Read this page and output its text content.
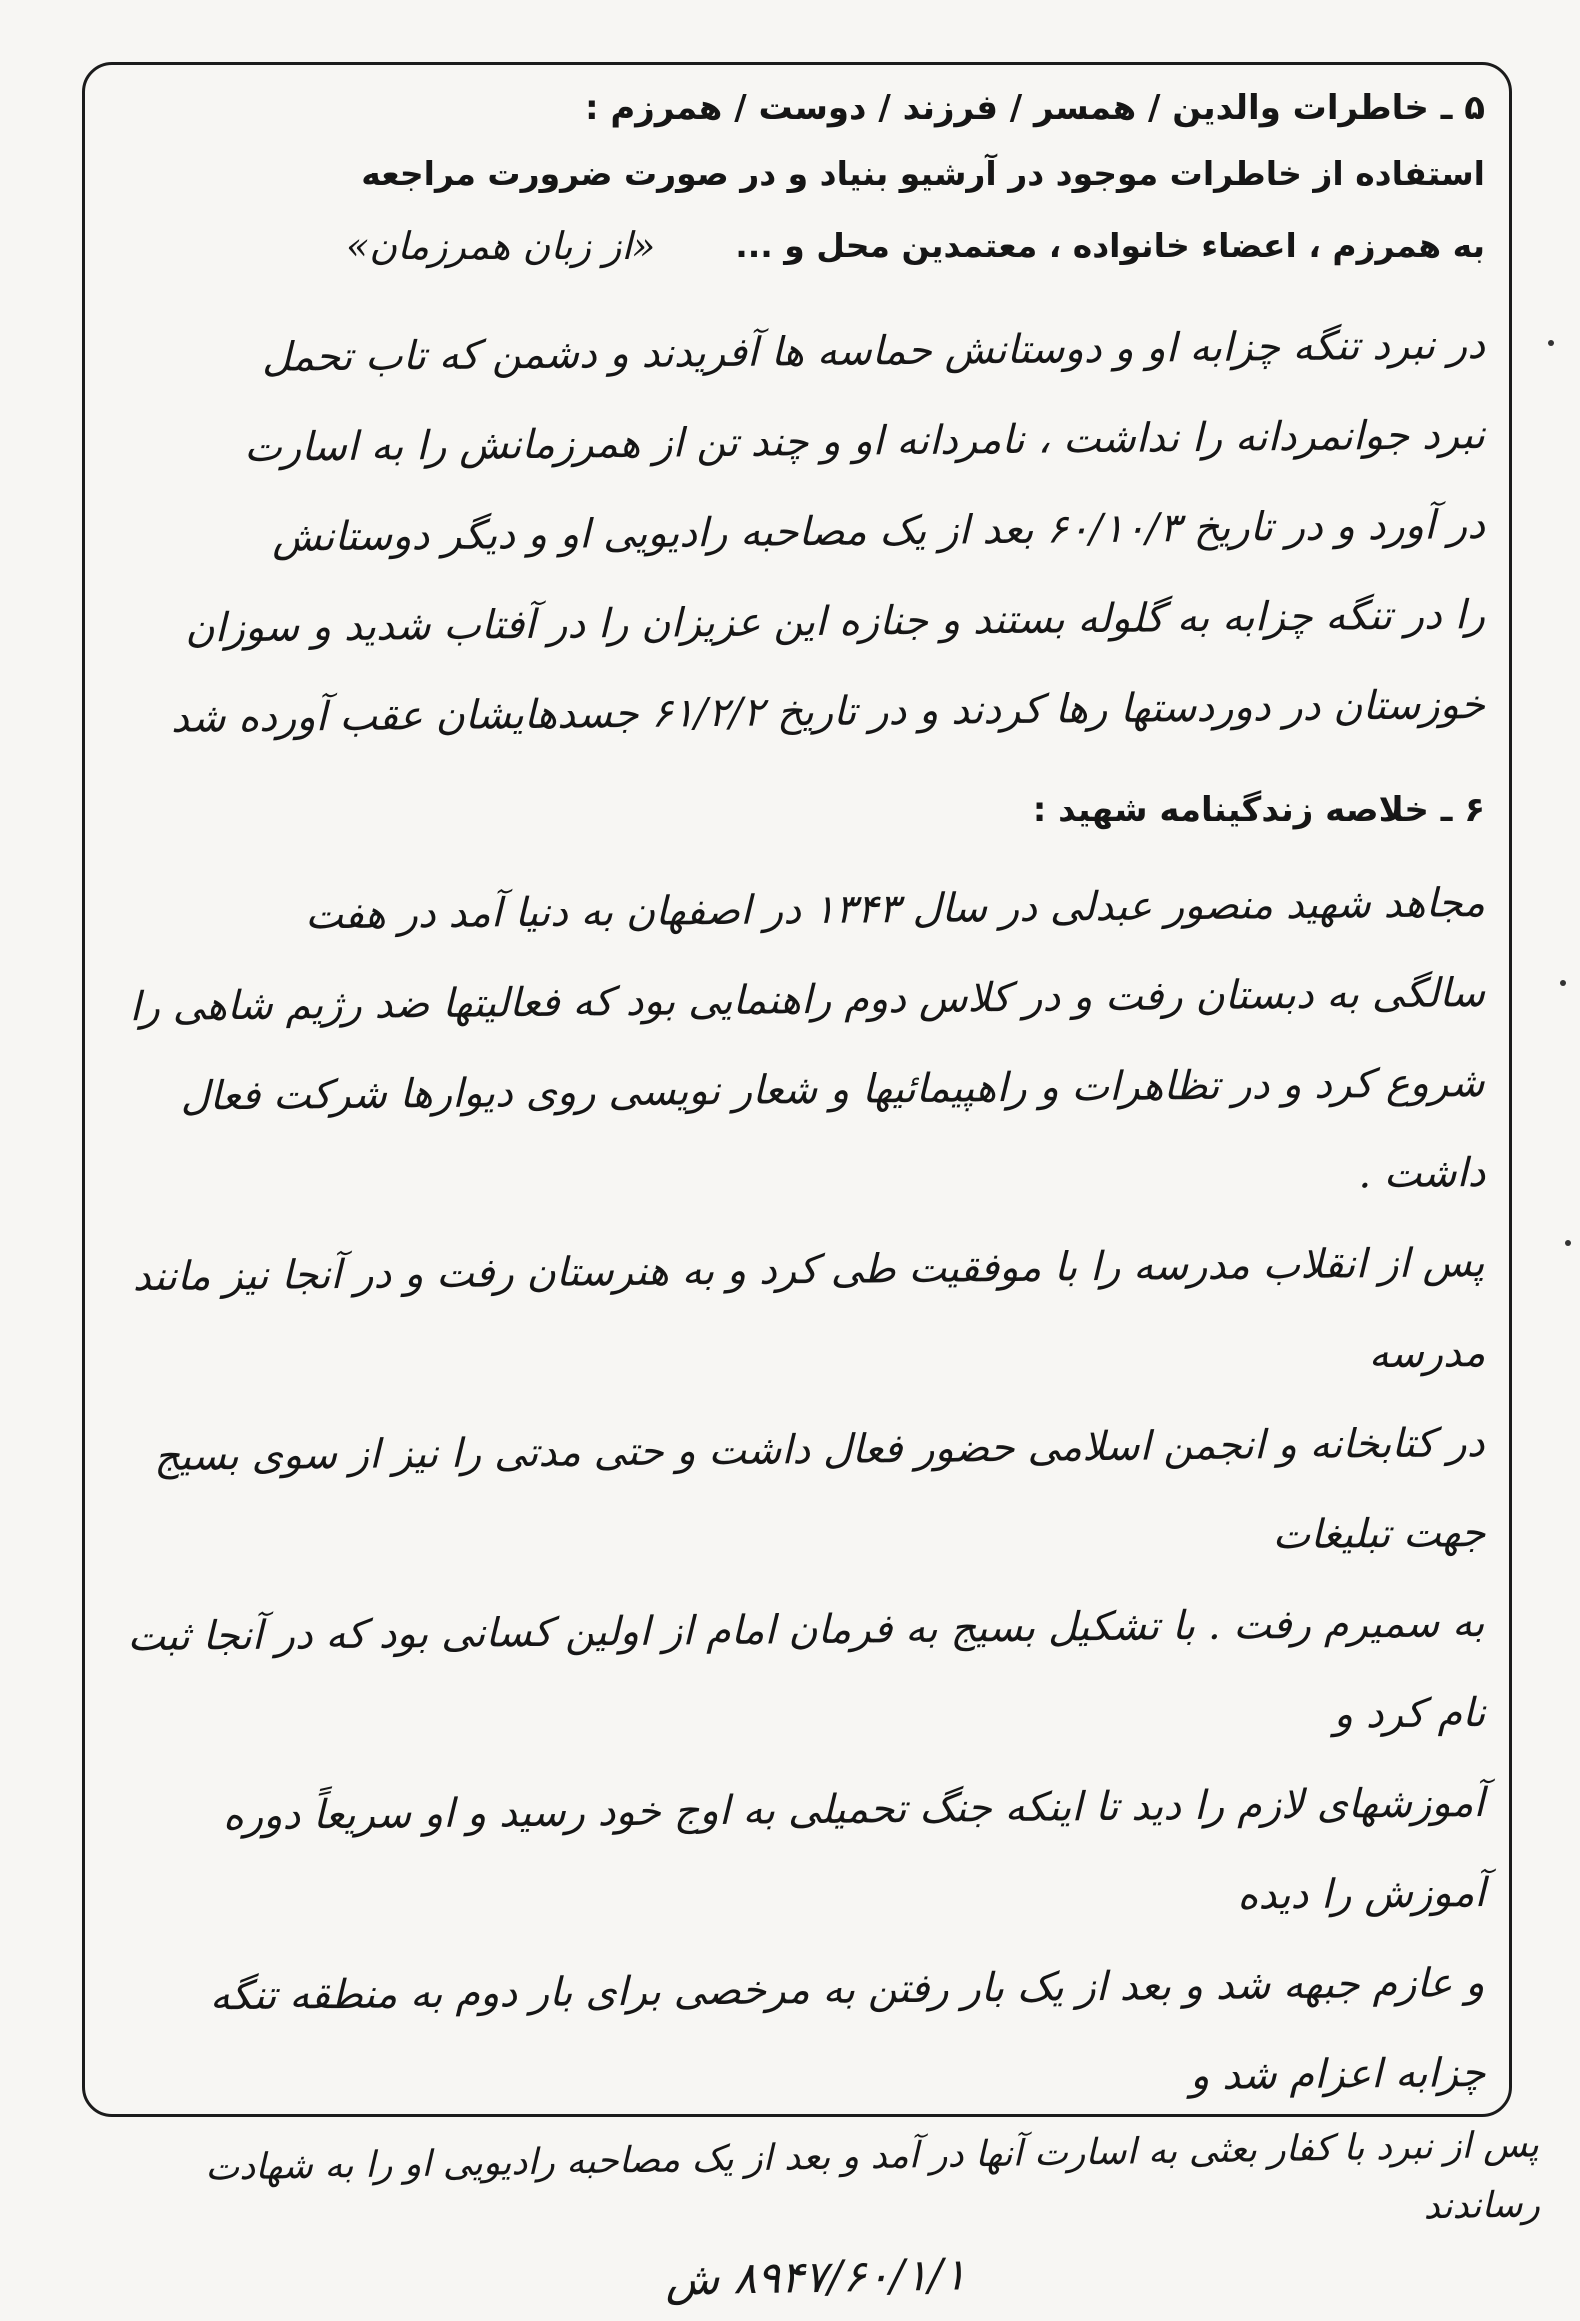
۵ ـ خاطرات والدین / همسر / فرزند / دوست / همرزم :
استفاده از خاطرات موجود در آرشیو بنیاد و در صورت ضرورت مراجعه
به همرزم ، اعضاء خانواده ، معتمدین محل و ...
«از زبان همرزمان»
در نبرد تنگه چزابه او و دوستانش حماسه ها آفریدند و دشمن که تاب تحمل
نبرد جوانمردانه را نداشت ، نامردانه او و چند تن از همرزمانش را به اسارت
در آورد و در تاریخ ۶۰/۱۰/۳ بعد از یک مصاحبه رادیویی او و دیگر دوستانش
را در تنگه چزابه به گلوله بستند و جنازه این عزیزان را در آفتاب شدید و سوزان
خوزستان در دوردستها رها کردند و در تاریخ ۶۱/۲/۲ جسدهایشان عقب آورده شد
۶ ـ خلاصه زندگینامه شهید :
مجاهد شهید منصور عبدلی در سال ۱۳۴۳ در اصفهان به دنیا آمد در هفت
سالگی به دبستان رفت و در کلاس دوم راهنمایی بود که فعالیتها ضد رژیم شاهی را
شروع کرد و در تظاهرات و راهپیمائیها و شعار نویسی روی دیوارها شرکت فعال داشت .
پس از انقلاب مدرسه را با موفقیت طی کرد و به هنرستان رفت و در آنجا نیز مانند مدرسه
در کتابخانه و انجمن اسلامی حضور فعال داشت و حتی مدتی را نیز از سوی بسیج جهت تبلیغات
به سمیرم رفت . با تشکیل بسیج به فرمان امام از اولین کسانی بود که در آنجا ثبت نام کرد و
آموزشهای لازم را دید تا اینکه جنگ تحمیلی به اوج خود رسید و او سریعاً دوره آموزش را دیده
و عازم جبهه شد و بعد از یک بار رفتن به مرخصی برای بار دوم به منطقه تنگه چزابه اعزام شد و
پس از نبرد با کفار بعثی به اسارت آنها در آمد و بعد از یک مصاحبه رادیویی او را به شهادت رساندند
۸۹۴۷/۶۰/۱/۱ ش
